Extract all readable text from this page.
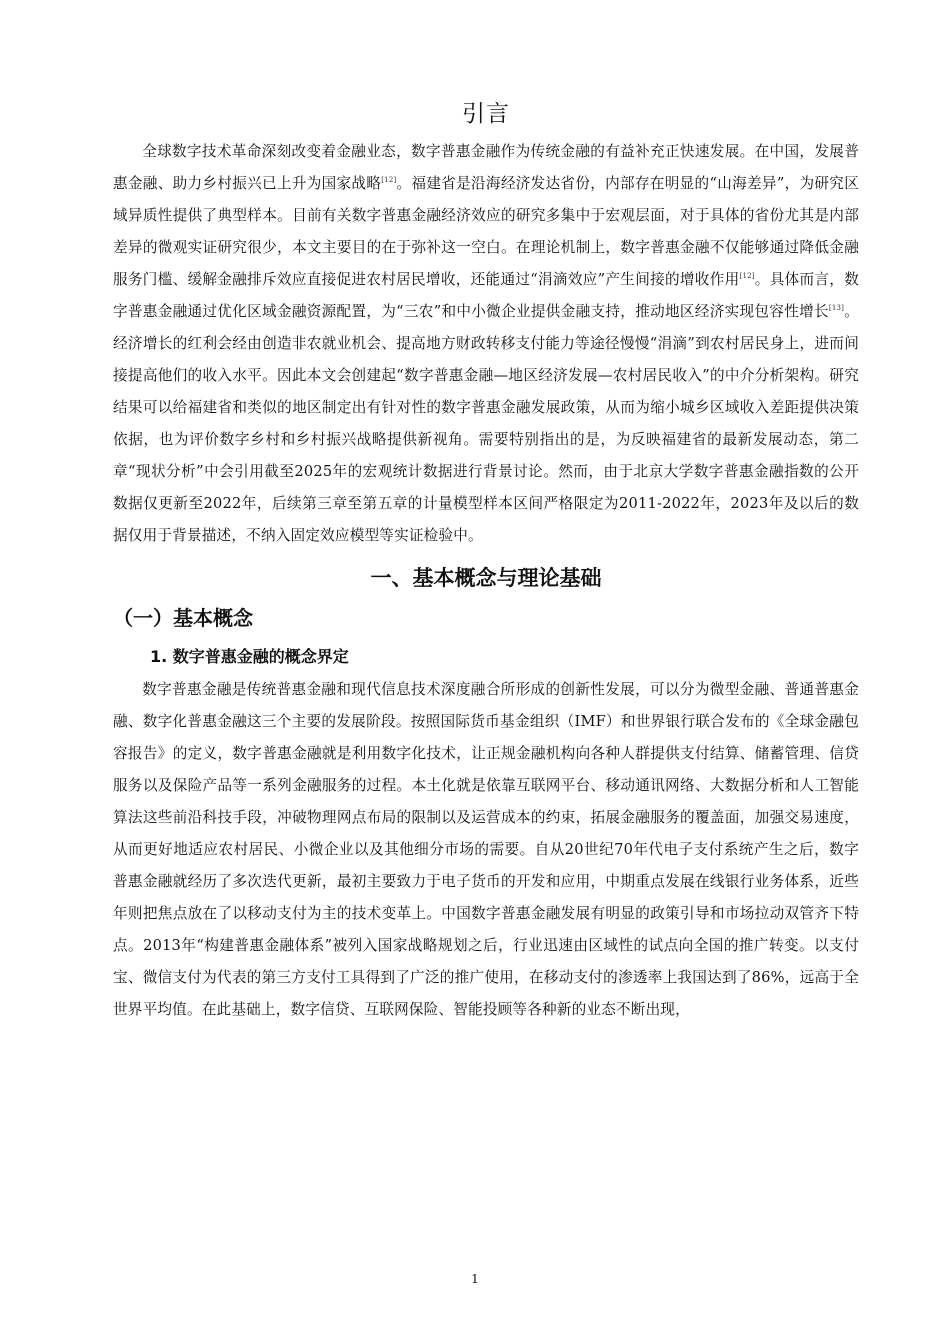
引言

全球数字技术革命深刻改变着金融业态，数字普惠金融作为传统金融的有益补充正快速发展。在中国，发展普惠金融、助力乡村振兴已上升为国家战略[12]。福建省是沿海经济发达省份，内部存在明显的“山海差异”，为研究区域异质性提供了典型样本。目前有关数字普惠金融经济效应的研究多集中于宏观层面，对于具体的省份尤其是内部差异的微观实证研究很少，本文主要目的在于弥补这一空白。在理论机制上，数字普惠金融不仅能够通过降低金融服务门槛、缓解金融排斥效应直接促进农村居民增收，还能通过“涓滴效应”产生间接的增收作用[12]。具体而言，数字普惠金融通过优化区域金融资源配置，为“三农”和中小微企业提供金融支持，推动地区经济实现包容性增长[13]。经济增长的红利会经由创造非农就业机会、提高地方财政转移支付能力等途径慢慢“涓滴”到农村居民身上，进而间接提高他们的收入水平。因此本文会创建起“数字普惠金融—地区经济发展—农村居民收入”的中介分析架构。研究结果可以给福建省和类似的地区制定出有针对性的数字普惠金融发展政策，从而为缩小城乡区域收入差距提供决策依据，也为评价数字乡村和乡村振兴战略提供新视角。需要特别指出的是，为反映福建省的最新发展动态，第二章“现状分析”中会引用截至2025年的宏观统计数据进行背景讨论。然而，由于北京大学数字普惠金融指数的公开数据仅更新至2022年，后续第三章至第五章的计量模型样本区间严格限定为2011-2022年，2023年及以后的数据仅用于背景描述，不纳入固定效应模型等实证检验中。

一、基本概念与理论基础
（一）基本概念
1. 数字普惠金融的概念界定

数字普惠金融是传统普惠金融和现代信息技术深度融合所形成的创新性发展，可以分为微型金融、普通普惠金融、数字化普惠金融这三个主要的发展阶段。按照国际货币基金组织（IMF）和世界银行联合发布的《全球金融包容报告》的定义，数字普惠金融就是利用数字化技术，让正规金融机构向各种人群提供支付结算、储蓄管理、信贷服务以及保险产品等一系列金融服务的过程。本土化就是依靠互联网平台、移动通讯网络、大数据分析和人工智能算法这些前沿科技手段，冲破物理网点布局的限制以及运营成本的约束，拓展金融服务的覆盖面，加强交易速度，从而更好地适应农村居民、小微企业以及其他细分市场的需要。自从20世纪70年代电子支付系统产生之后，数字普惠金融就经历了多次迭代更新，最初主要致力于电子货币的开发和应用，中期重点发展在线银行业务体系，近些年则把焦点放在了以移动支付为主的技术变革上。中国数字普惠金融发展有明显的政策引导和市场拉动双管齐下特点。2013年“构建普惠金融体系”被列入国家战略规划之后，行业迅速由区域性的试点向全国的推广转变。以支付宝、微信支付为代表的第三方支付工具得到了广泛的推广使用，在移动支付的渗透率上我国达到了86%，远高于全世界平均值。在此基础上，数字信贷、互联网保险、智能投顾等各种新的业态不断出现，

1
